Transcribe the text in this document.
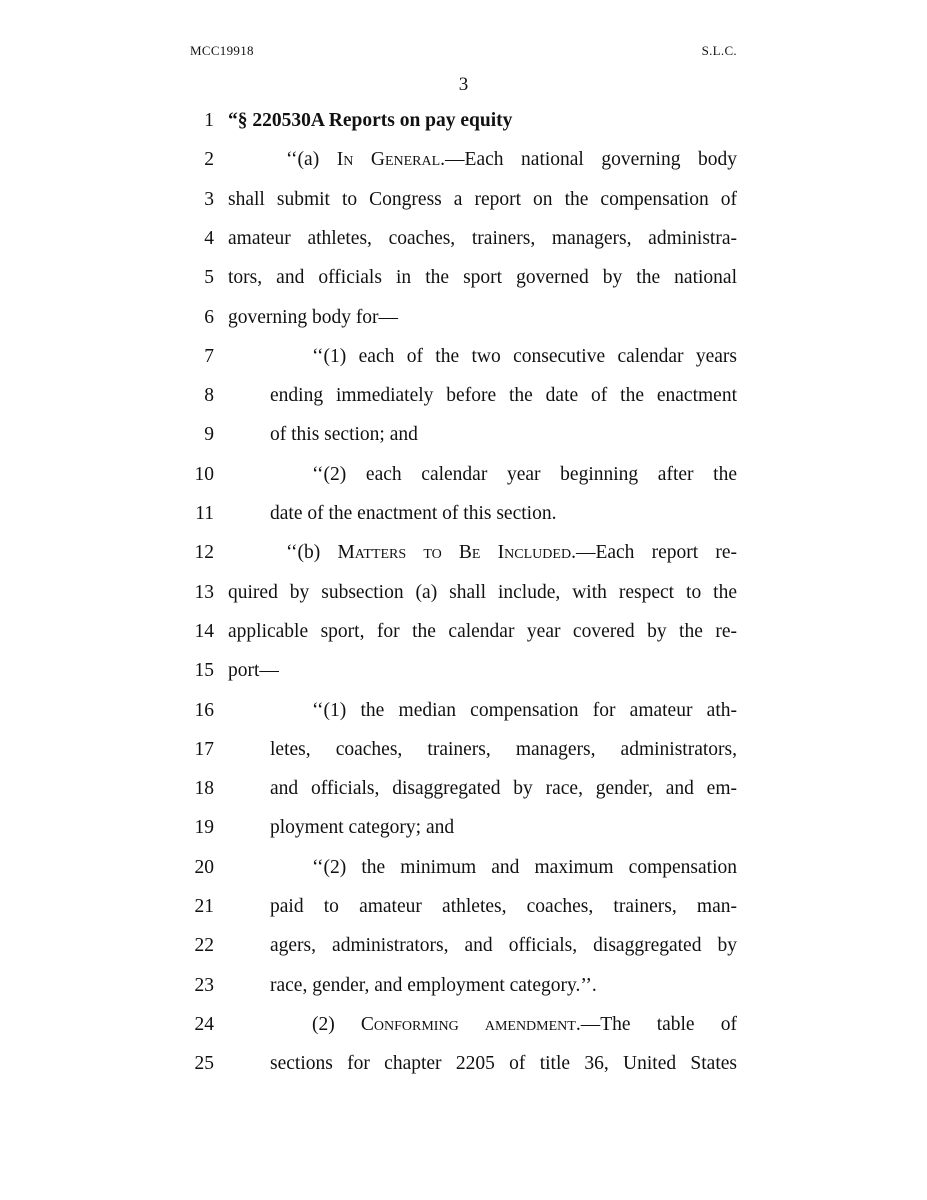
MCC19918	S.L.C.
3
1 “§ 220530A Reports on pay equity
2	‘‘(a) In General.—Each national governing body
3 shall submit to Congress a report on the compensation of
4 amateur athletes, coaches, trainers, managers, administra-
5 tors, and officials in the sport governed by the national
6 governing body for—
7	‘‘(1) each of the two consecutive calendar years
8	ending immediately before the date of the enactment
9	of this section; and
10	‘‘(2) each calendar year beginning after the
11	date of the enactment of this section.
12	‘‘(b) Matters to Be Included.—Each report re-
13 quired by subsection (a) shall include, with respect to the
14 applicable sport, for the calendar year covered by the re-
15 port—
16	‘‘(1) the median compensation for amateur ath-
17	letes, coaches, trainers, managers, administrators,
18	and officials, disaggregated by race, gender, and em-
19	ployment category; and
20	‘‘(2) the minimum and maximum compensation
21	paid to amateur athletes, coaches, trainers, man-
22	agers, administrators, and officials, disaggregated by
23	race, gender, and employment category.’’.
24	(2) Conforming amendment.—The table of
25	sections for chapter 2205 of title 36, United States
